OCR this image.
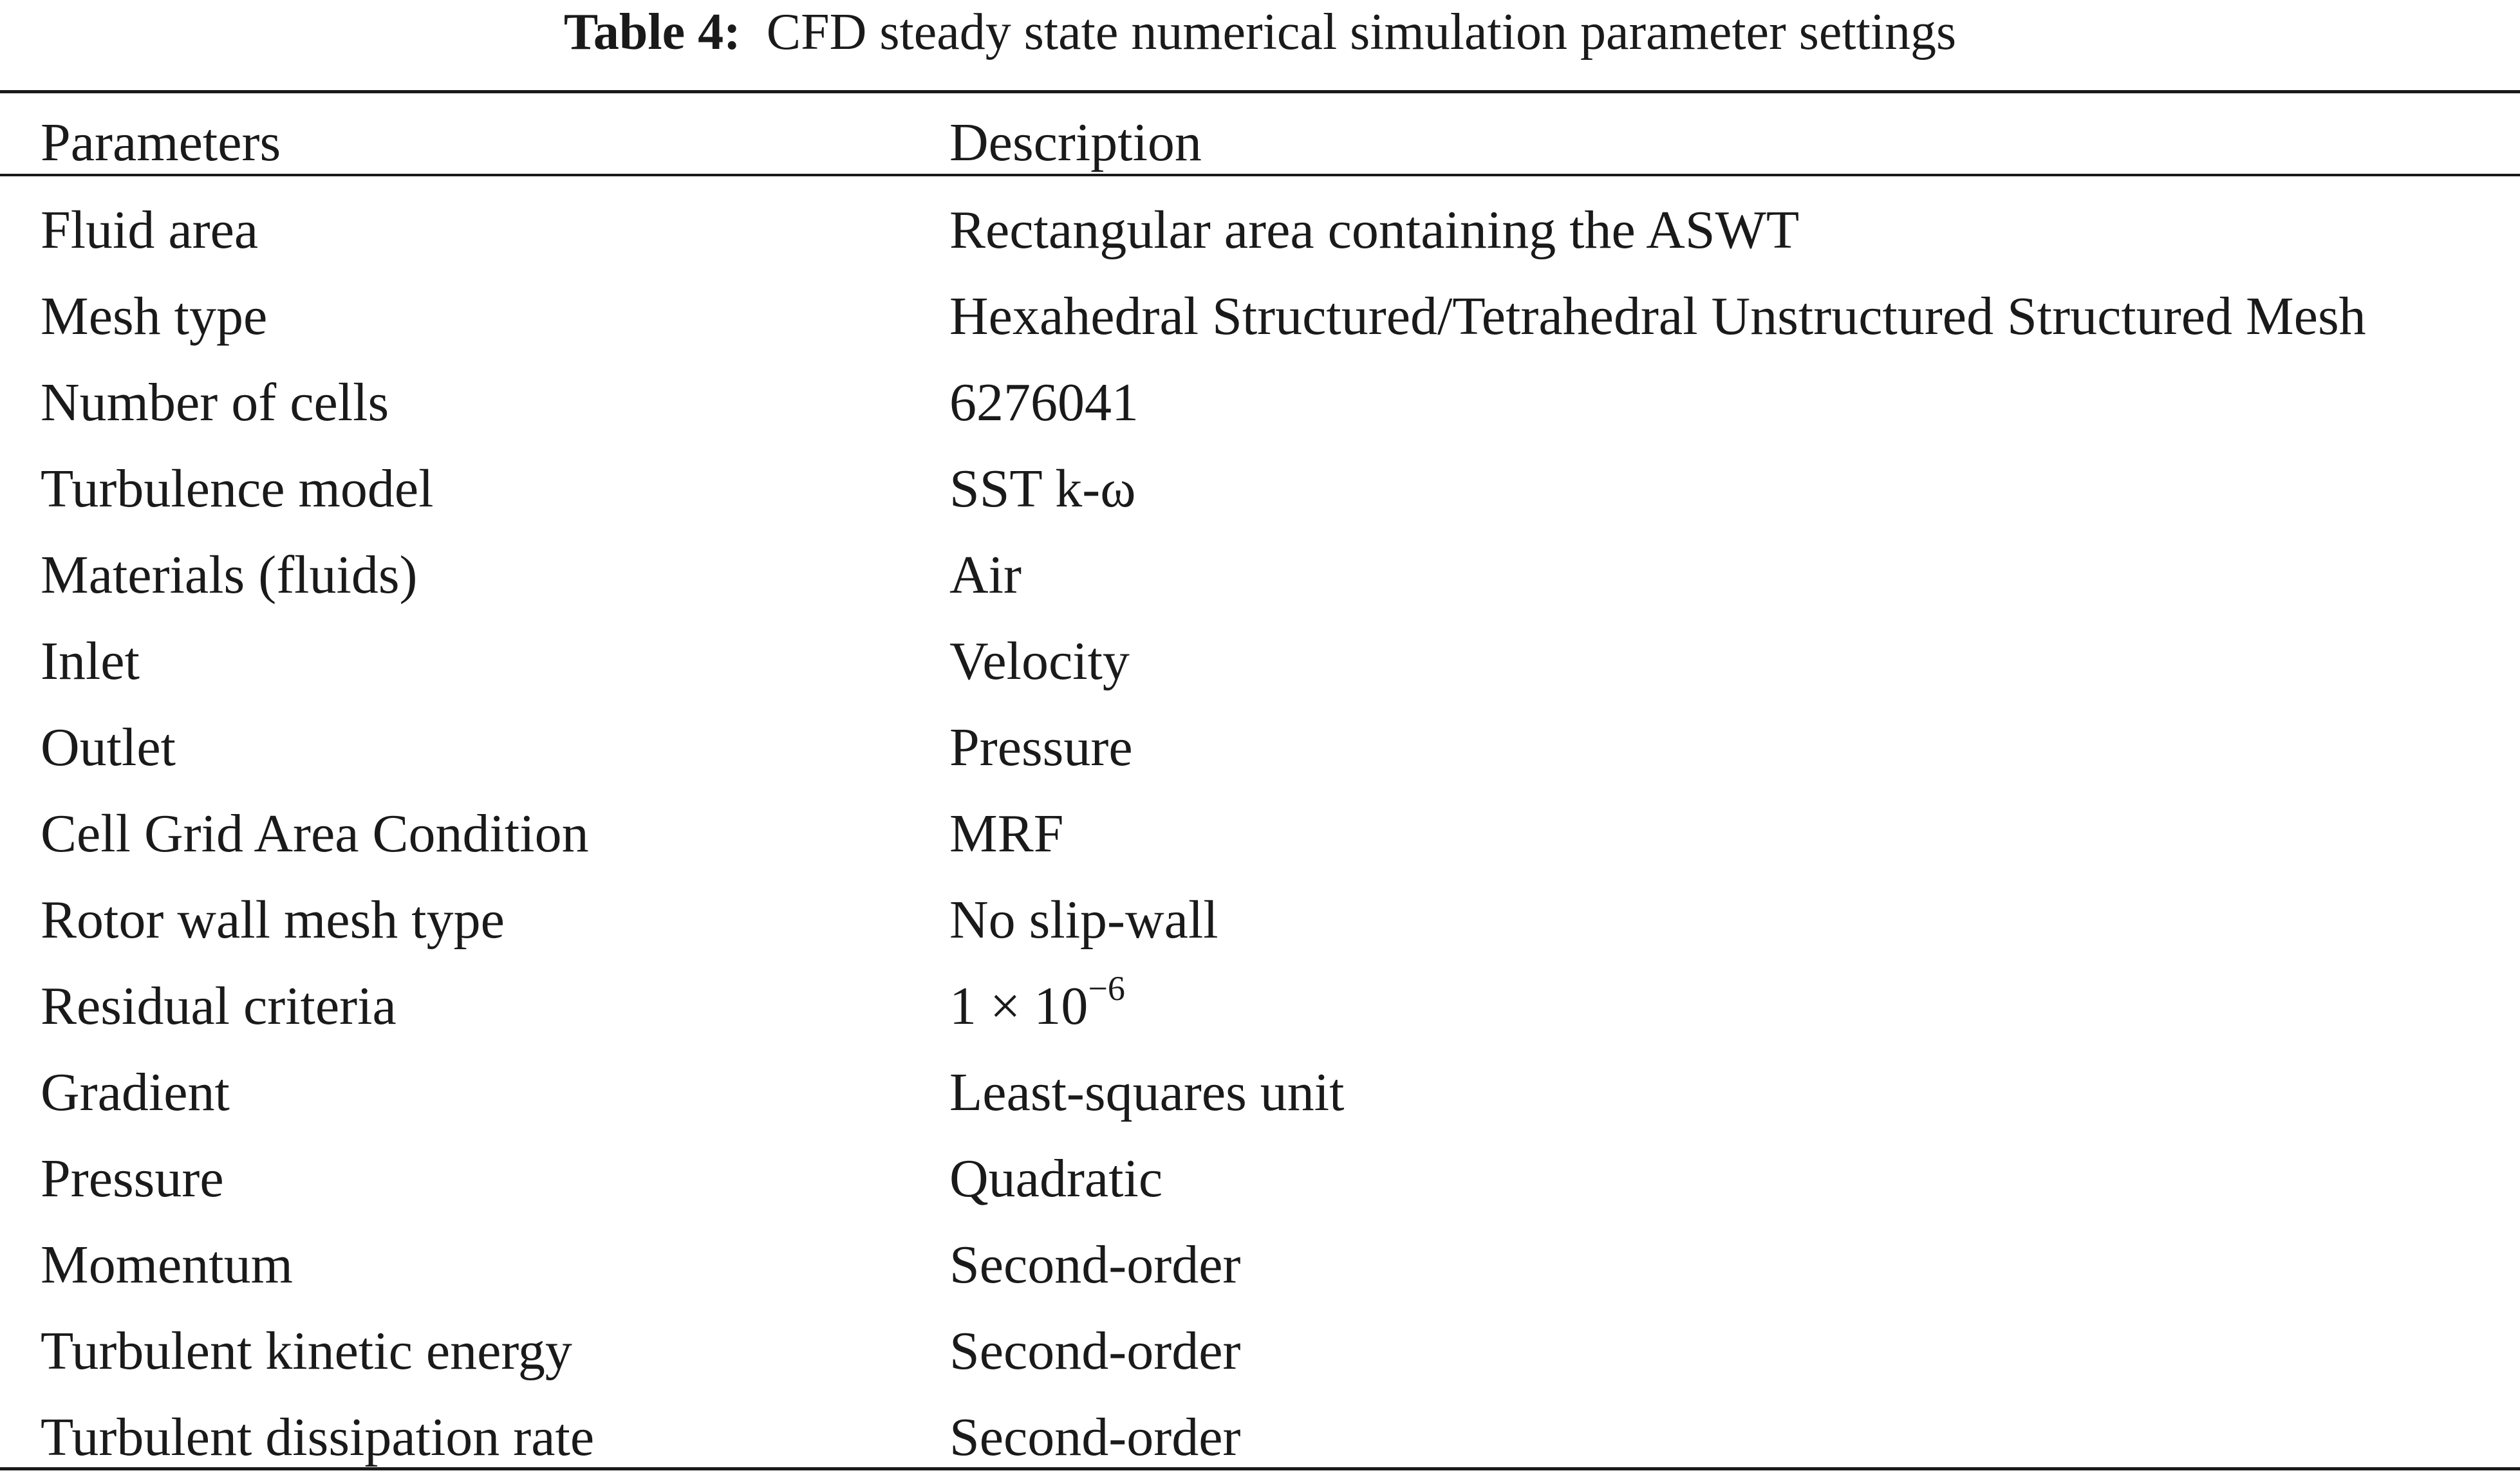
Table 4: CFD steady state numerical simulation parameter settings
Parameters	Description
Fluid area	Rectangular area containing the ASWT
Mesh type	Hexahedral Structured/Tetrahedral Unstructured Structured Mesh
Number of cells	6276041
Turbulence model	SST k-ω
Materials (fluids)	Air
Inlet	Velocity
Outlet	Pressure
Cell Grid Area Condition	MRF
Rotor wall mesh type	No slip-wall
Residual criteria	$1 \times 10^{-6}$
Gradient	Least-squares unit
Pressure	Quadratic
Momentum	Second-order
Turbulent kinetic energy	Second-order
Turbulent dissipation rate	Second-order
